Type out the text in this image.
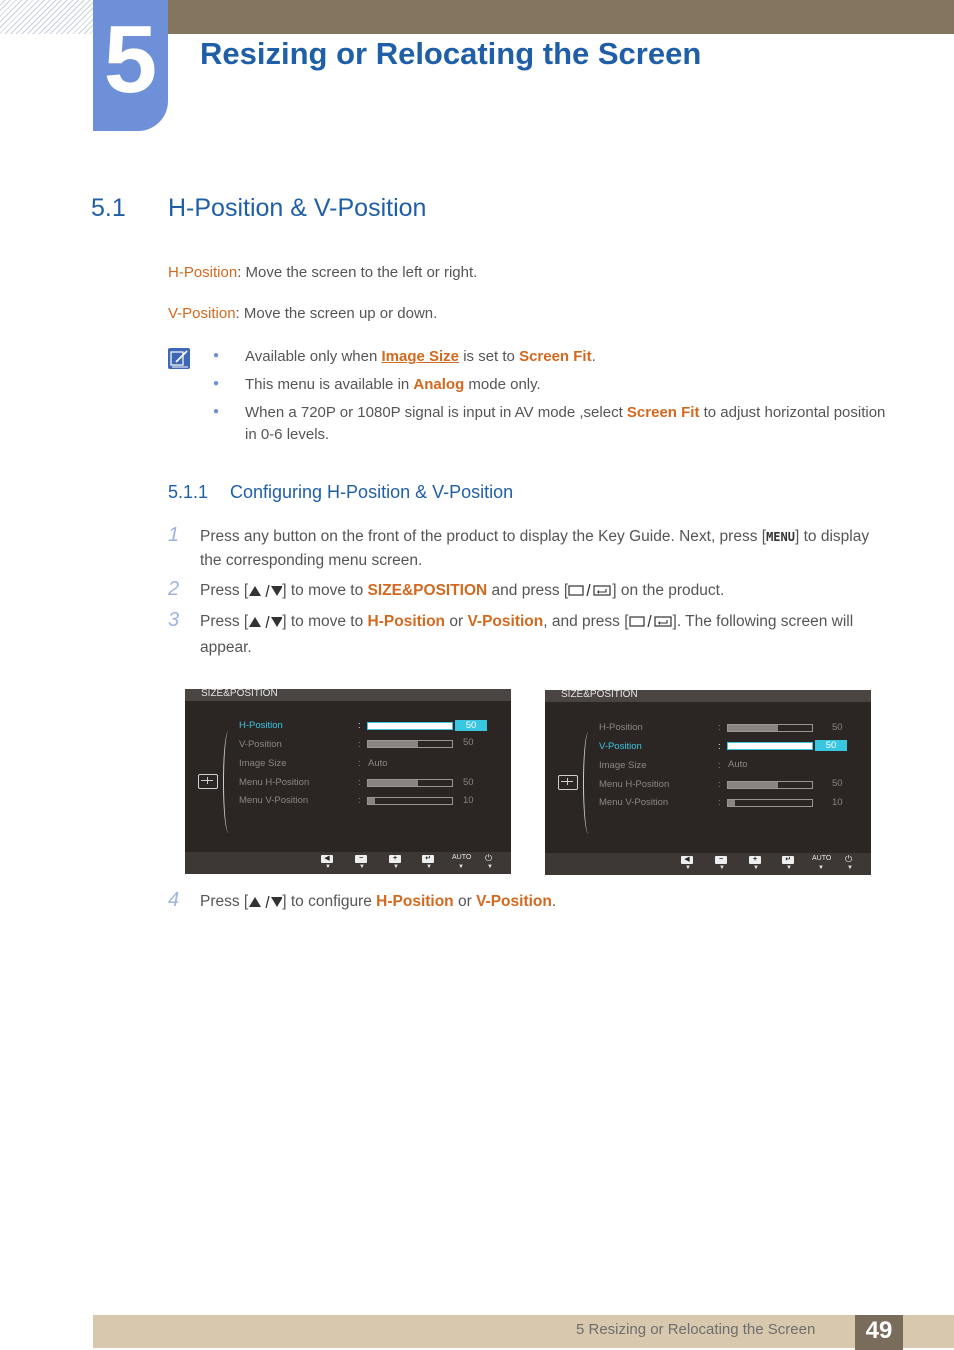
5	Resizing or Relocating the Screen
5.1 H-Position & V-Position
H-Position: Move the screen to the left or right.
V-Position: Move the screen up or down.
● Available only when Image Size is set to Screen Fit.
● This menu is available in Analog mode only.
● When a 720P or 1080P signal is input in AV mode ,select Screen Fit to adjust horizontal position in 0-6 levels.
5.1.1 Configuring H-Position & V-Position
1 Press any button on the front of the product to display the Key Guide. Next, press [MENU] to display the corresponding menu screen.
2 Press [ ] to move to SIZE&POSITION and press [	] on the product.
3 Press [ ] to move to H-Position or V-Position, and press [	]. The following screen will appear.
SIZE&POSITION
H-Position	:	50
V-Position	:	50
Image Size	: Auto
Menu H-Position	:	50
Menu V-Position	:	10
◀	−	+	↵	AUTO ⏻
▼	▼	▼	▼	▼	▼
SIZE&POSITION
H-Position	:	50
V-Position	:	50
Image Size	: Auto
Menu H-Position	:	50
Menu V-Position	:	10
◀	−	+	↵	AUTO ⏻
▼	▼	▼	▼	▼	▼
4 Press [ ] to configure H-Position or V-Position.
5 Resizing or Relocating the Screen	49
